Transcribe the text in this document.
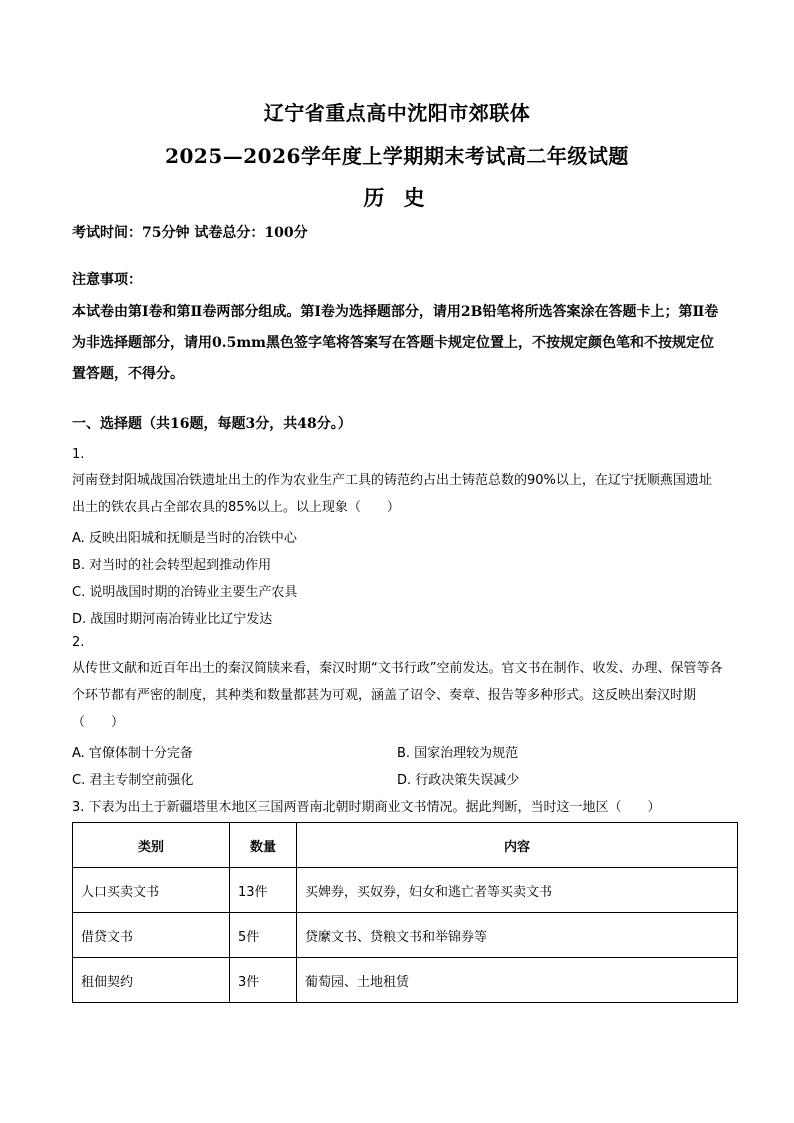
辽宁省重点高中沈阳市郊联体
2025—2026学年度上学期期末考试高二年级试题
历 史
考试时间：75分钟 试卷总分：100分
注意事项：
本试卷由第Ⅰ卷和第Ⅱ卷两部分组成。第Ⅰ卷为选择题部分，请用2B铅笔将所选答案涂在答题卡上；第Ⅱ卷为非选择题部分，请用0.5mm黑色签字笔将答案写在答题卡规定位置上，不按规定颜色笔和不按规定位置答题，不得分。
一、选择题（共16题，每题3分，共48分。）
1.
河南登封阳城战国冶铁遗址出土的作为农业生产工具的铸范约占出土铸范总数的90%以上，在辽宁抚顺燕国遗址出土的铁农具占全部农具的85%以上。以上现象（　　）
A. 反映出阳城和抚顺是当时的冶铁中心
B. 对当时的社会转型起到推动作用
C. 说明战国时期的冶铸业主要生产农具
D. 战国时期河南冶铸业比辽宁发达
2.
从传世文献和近百年出土的秦汉简牍来看，秦汉时期“文书行政”空前发达。官文书在制作、收发、办理、保管等各个环节都有严密的制度，其种类和数量都甚为可观，涵盖了诏令、奏章、报告等多种形式。这反映出秦汉时期（　　）
A. 官僚体制十分完备	B. 国家治理较为规范
C. 君主专制空前强化	D. 行政决策失误减少
3. 下表为出土于新疆塔里木地区三国两晋南北朝时期商业文书情况。据此判断，当时这一地区（　　）
类别	数量	内容
人口买卖文书	13件	买婢券，买奴券，妇女和逃亡者等买卖文书
借贷文书	5件	贷縻文书、贷粮文书和举锦券等
租佃契约	3件	葡萄园、土地租赁
